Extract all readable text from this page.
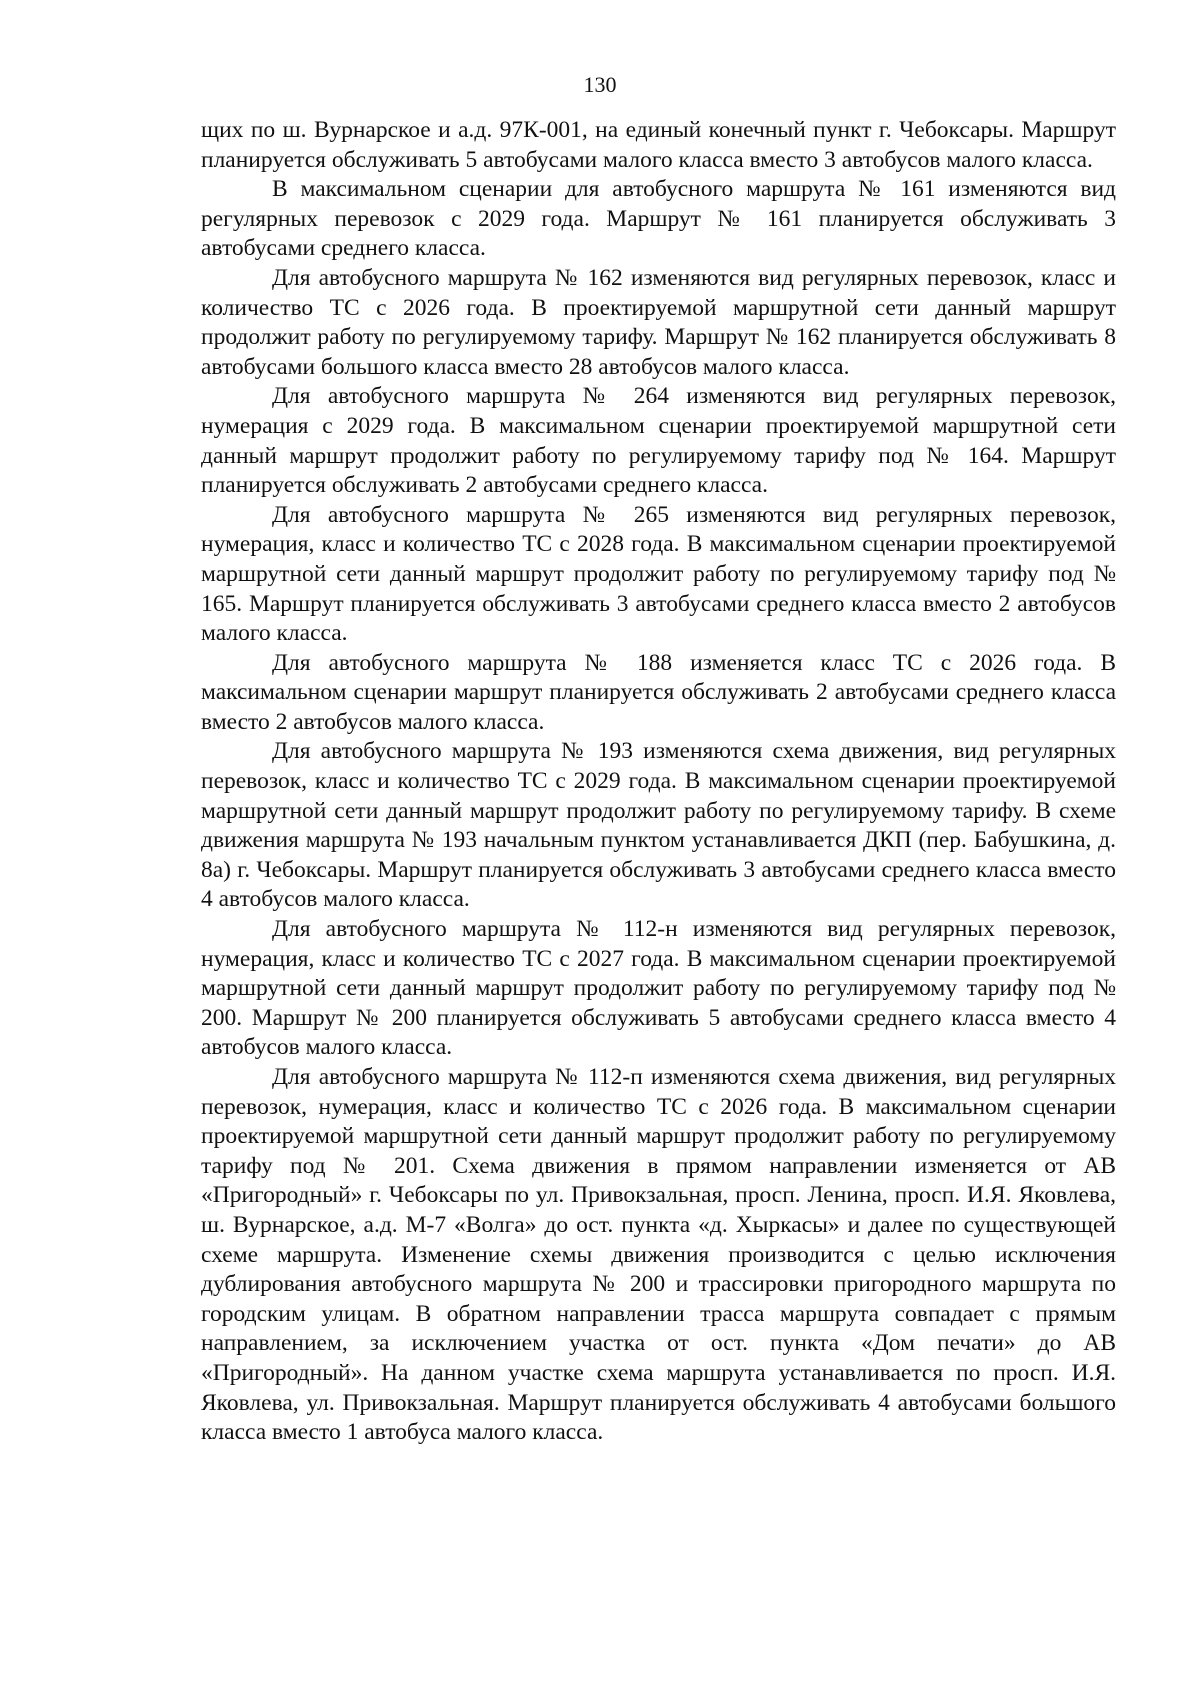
130

щих по ш. Вурнарское и а.д. 97К-001, на единый конечный пункт г. Чебоксары. Маршрут планируется обслуживать 5 автобусами малого класса вместо 3 автобусов малого класса.

В максимальном сценарии для автобусного маршрута № 161 изменяются вид регулярных перевозок с 2029 года. Маршрут № 161 планируется обслуживать 3 автобусами среднего класса.

Для автобусного маршрута № 162 изменяются вид регулярных перевозок, класс и количество ТС с 2026 года. В проектируемой маршрутной сети данный маршрут продолжит работу по регулируемому тарифу. Маршрут № 162 планируется обслуживать 8 автобусами большого класса вместо 28 автобусов малого класса.

Для автобусного маршрута № 264 изменяются вид регулярных перевозок, нумерация с 2029 года. В максимальном сценарии проектируемой маршрутной сети данный маршрут продолжит работу по регулируемому тарифу под № 164. Маршрут планируется обслуживать 2 автобусами среднего класса.

Для автобусного маршрута № 265 изменяются вид регулярных перевозок, нумерация, класс и количество ТС с 2028 года. В максимальном сценарии проектируемой маршрутной сети данный маршрут продолжит работу по регулируемому тарифу под № 165. Маршрут планируется обслуживать 3 автобусами среднего класса вместо 2 автобусов малого класса.

Для автобусного маршрута № 188 изменяется класс ТС с 2026 года. В максимальном сценарии маршрут планируется обслуживать 2 автобусами среднего класса вместо 2 автобусов малого класса.

Для автобусного маршрута № 193 изменяются схема движения, вид регулярных перевозок, класс и количество ТС с 2029 года. В максимальном сценарии проектируемой маршрутной сети данный маршрут продолжит работу по регулируемому тарифу. В схеме движения маршрута № 193 начальным пунктом устанавливается ДКП (пер. Бабушкина, д. 8а) г. Чебоксары. Маршрут планируется обслуживать 3 автобусами среднего класса вместо 4 автобусов малого класса.

Для автобусного маршрута № 112-н изменяются вид регулярных перевозок, нумерация, класс и количество ТС с 2027 года. В максимальном сценарии проектируемой маршрутной сети данный маршрут продолжит работу по регулируемому тарифу под № 200. Маршрут № 200 планируется обслуживать 5 автобусами среднего класса вместо 4 автобусов малого класса.

Для автобусного маршрута № 112-п изменяются схема движения, вид регулярных перевозок, нумерация, класс и количество ТС с 2026 года. В максимальном сценарии проектируемой маршрутной сети данный маршрут продолжит работу по регулируемому тарифу под № 201. Схема движения в прямом направлении изменяется от АВ «Пригородный» г. Чебоксары по ул. Привокзальная, просп. Ленина, просп. И.Я. Яковлева, ш. Вурнарское, а.д. М-7 «Волга» до ост. пункта «д. Хыркасы» и далее по существующей схеме маршрута. Изменение схемы движения производится с целью исключения дублирования автобусного маршрута № 200 и трассировки пригородного маршрута по городским улицам. В обратном направлении трасса маршрута совпадает с прямым направлением, за исключением участка от ост. пункта «Дом печати» до АВ «Пригородный». На данном участке схема маршрута устанавливается по просп. И.Я. Яковлева, ул. Привокзальная. Маршрут планируется обслуживать 4 автобусами большого класса вместо 1 автобуса малого класса.
